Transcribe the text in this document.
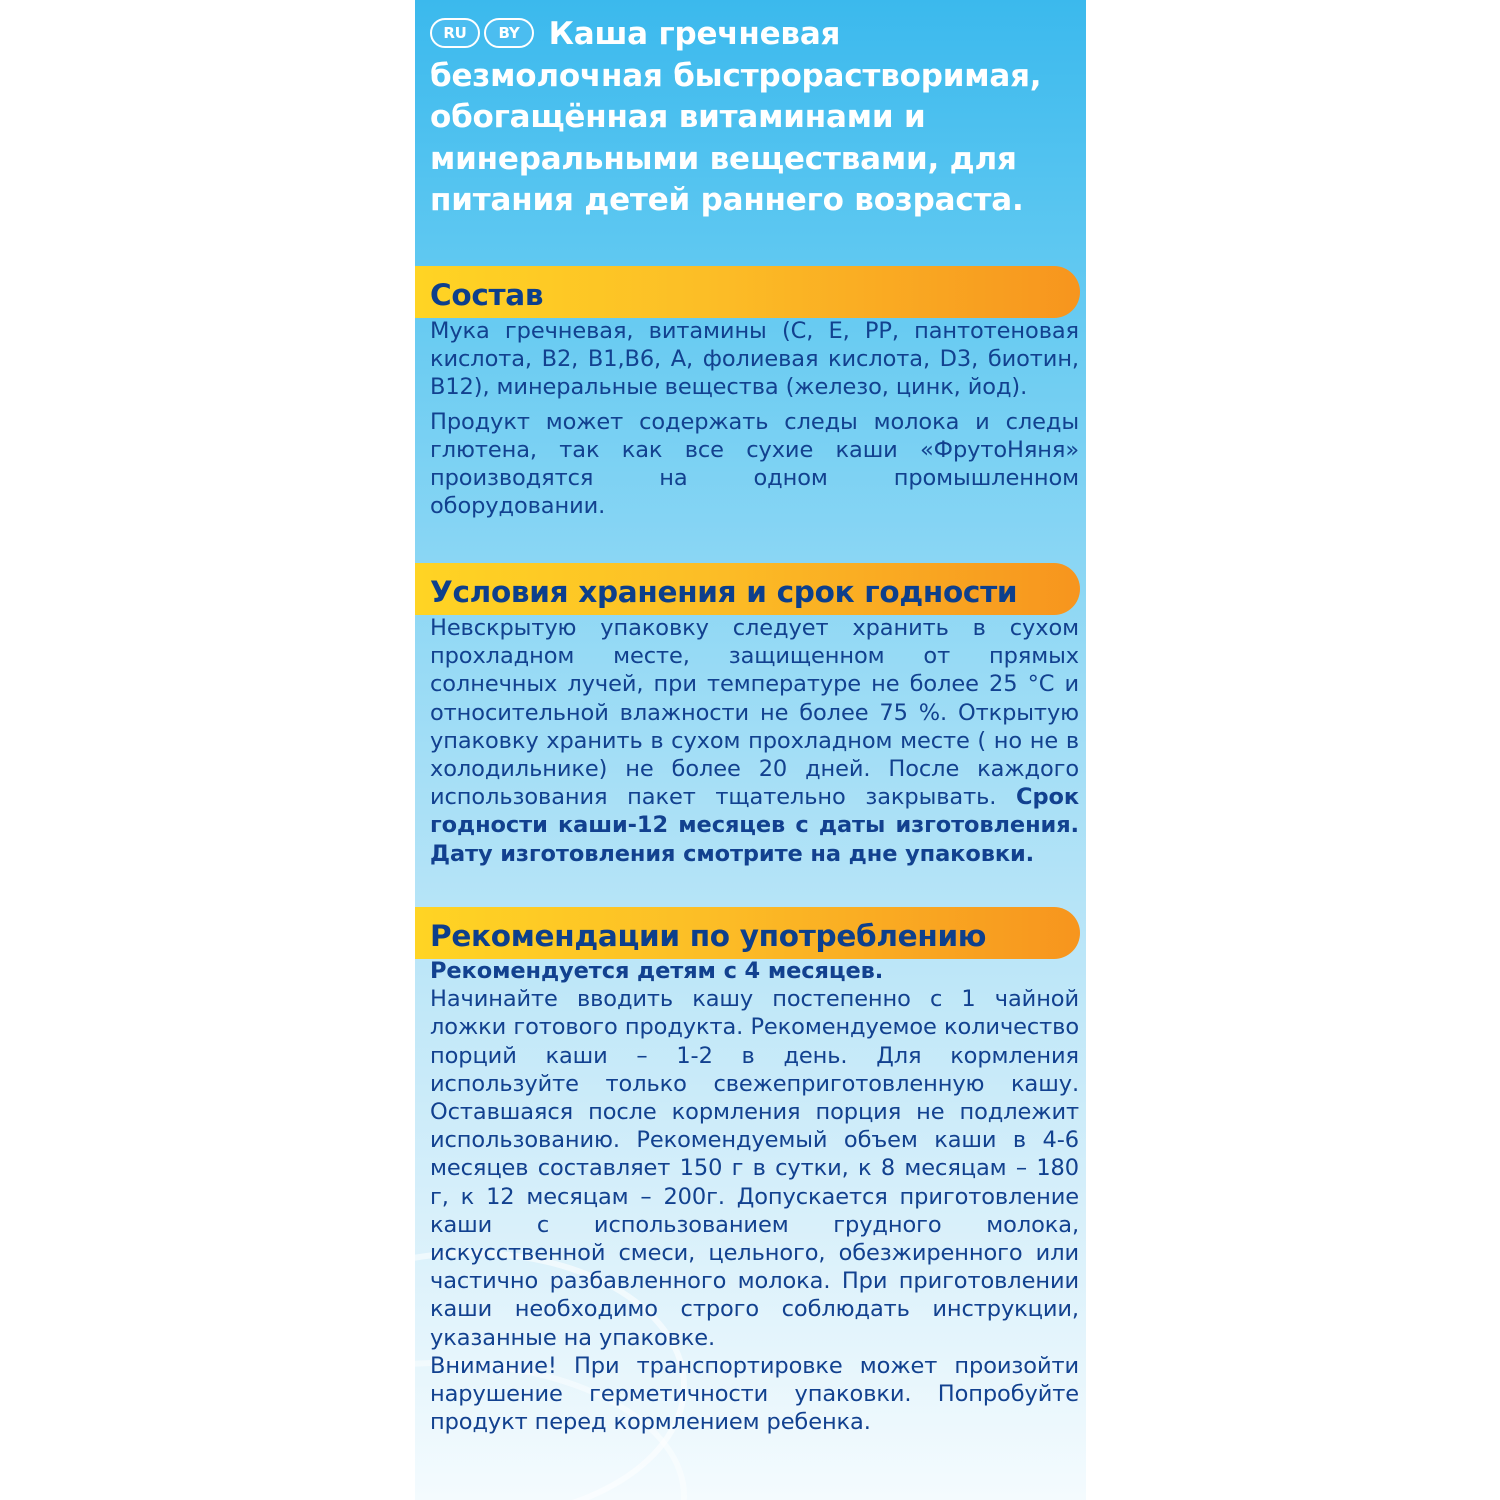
RU BY Каша гречневая безмолочная быстрорастворимая, обогащённая витаминами и минеральными веществами, для питания детей раннего возраста.
Состав

Мука гречневая, витамины (С, Е, РР, пантотеновая кислота, В2, В1,В6, А, фолиевая кислота, D3, биотин, В12), минеральные вещества (железо, цинк, йод).

Продукт может содержать следы молока и следы глютена, так как все сухие каши «ФрутоНяня» производятся на одном промышленном оборудовании.

Условия хранения и срок годности

Невскрытую упаковку следует хранить в сухом прохладном месте, защищенном от прямых солнечных лучей, при температуре не более 25 °С и относительной влажности не более 75 %. Открытую упаковку хранить в сухом прохладном месте ( но не в холодильнике) не более 20 дней. После каждого использования пакет тщательно закрывать. Срок годности каши-12 месяцев с даты изготовления. Дату изготовления смотрите на дне упаковки.

Рекомендации по употреблению

Рекомендуется детям с 4 месяцев.

Начинайте вводить кашу постепенно с 1 чайной ложки готового продукта. Рекомендуемое количество порций каши – 1-2 в день. Для кормления используйте только свежеприготовленную кашу. Оставшаяся после кормления порция не подлежит использованию. Рекомендуемый объем каши в 4-6 месяцев составляет 150 г в сутки, к 8 месяцам – 180 г, к 12 месяцам – 200г. Допускается приготовление каши с использованием грудного молока, искусственной смеси, цельного, обезжиренного или частично разбавленного молока. При приготовлении каши необходимо строго соблюдать инструкции, указанные на упаковке.

Внимание! При транспортировке может произойти нарушение герметичности упаковки. Попробуйте продукт перед кормлением ребенка.
